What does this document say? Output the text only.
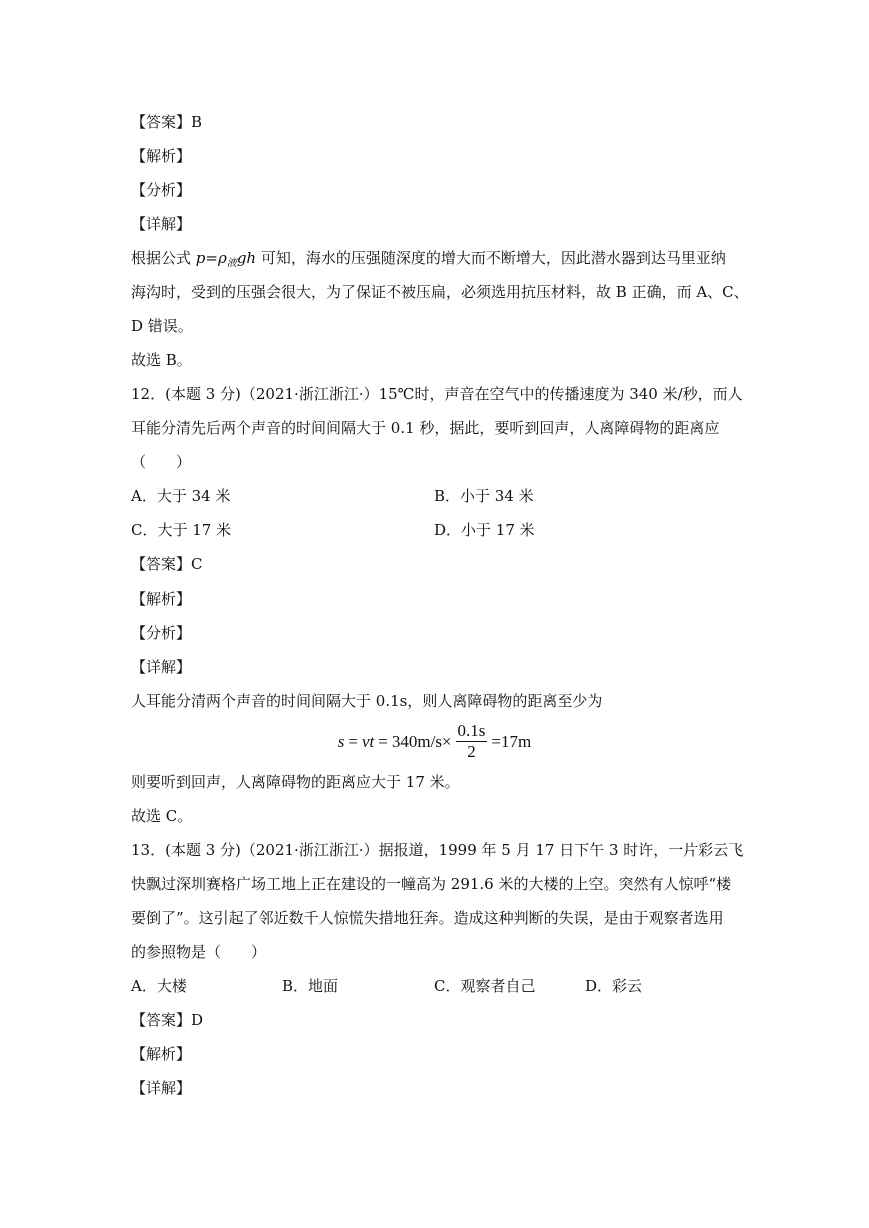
【答案】B
【解析】
【分析】
【详解】
根据公式 $p=\rho_液gh$ 可知，海水的压强随深度的增大而不断增大，因此潜水器到达马里亚纳
海沟时，受到的压强会很大，为了保证不被压扁，必须选用抗压材料，故 B 正确，而 A、C、
D 错误。
故选 B。
12．(本题 3 分)（2021·浙江浙江·）15℃时，声音在空气中的传播速度为 340 米/秒，而人
耳能分清先后两个声音的时间间隔大于 0.1 秒，据此，要听到回声，人离障碍物的距离应
（　　）
A．大于 34 米	B．小于 34 米
C．大于 17 米	D．小于 17 米
【答案】C
【解析】
【分析】
【详解】
人耳能分清两个声音的时间间隔大于 0.1s，则人离障碍物的距离至少为
s = vt = $340m/s\times \frac{0.1s}{2} =17m$
则要听到回声，人离障碍物的距离应大于 17 米。
故选 C。
13．(本题 3 分)（2021·浙江浙江·）据报道，1999 年 5 月 17 日下午 3 时许，一片彩云飞
快飘过深圳赛格广场工地上正在建设的一幢高为 291.6 米的大楼的上空。突然有人惊呼“楼
要倒了”。这引起了邻近数千人惊慌失措地狂奔。造成这种判断的失误，是由于观察者选用
的参照物是（　　）
A．大楼	B．地面	C．观察者自己	D．彩云
【答案】D
【解析】
【详解】
